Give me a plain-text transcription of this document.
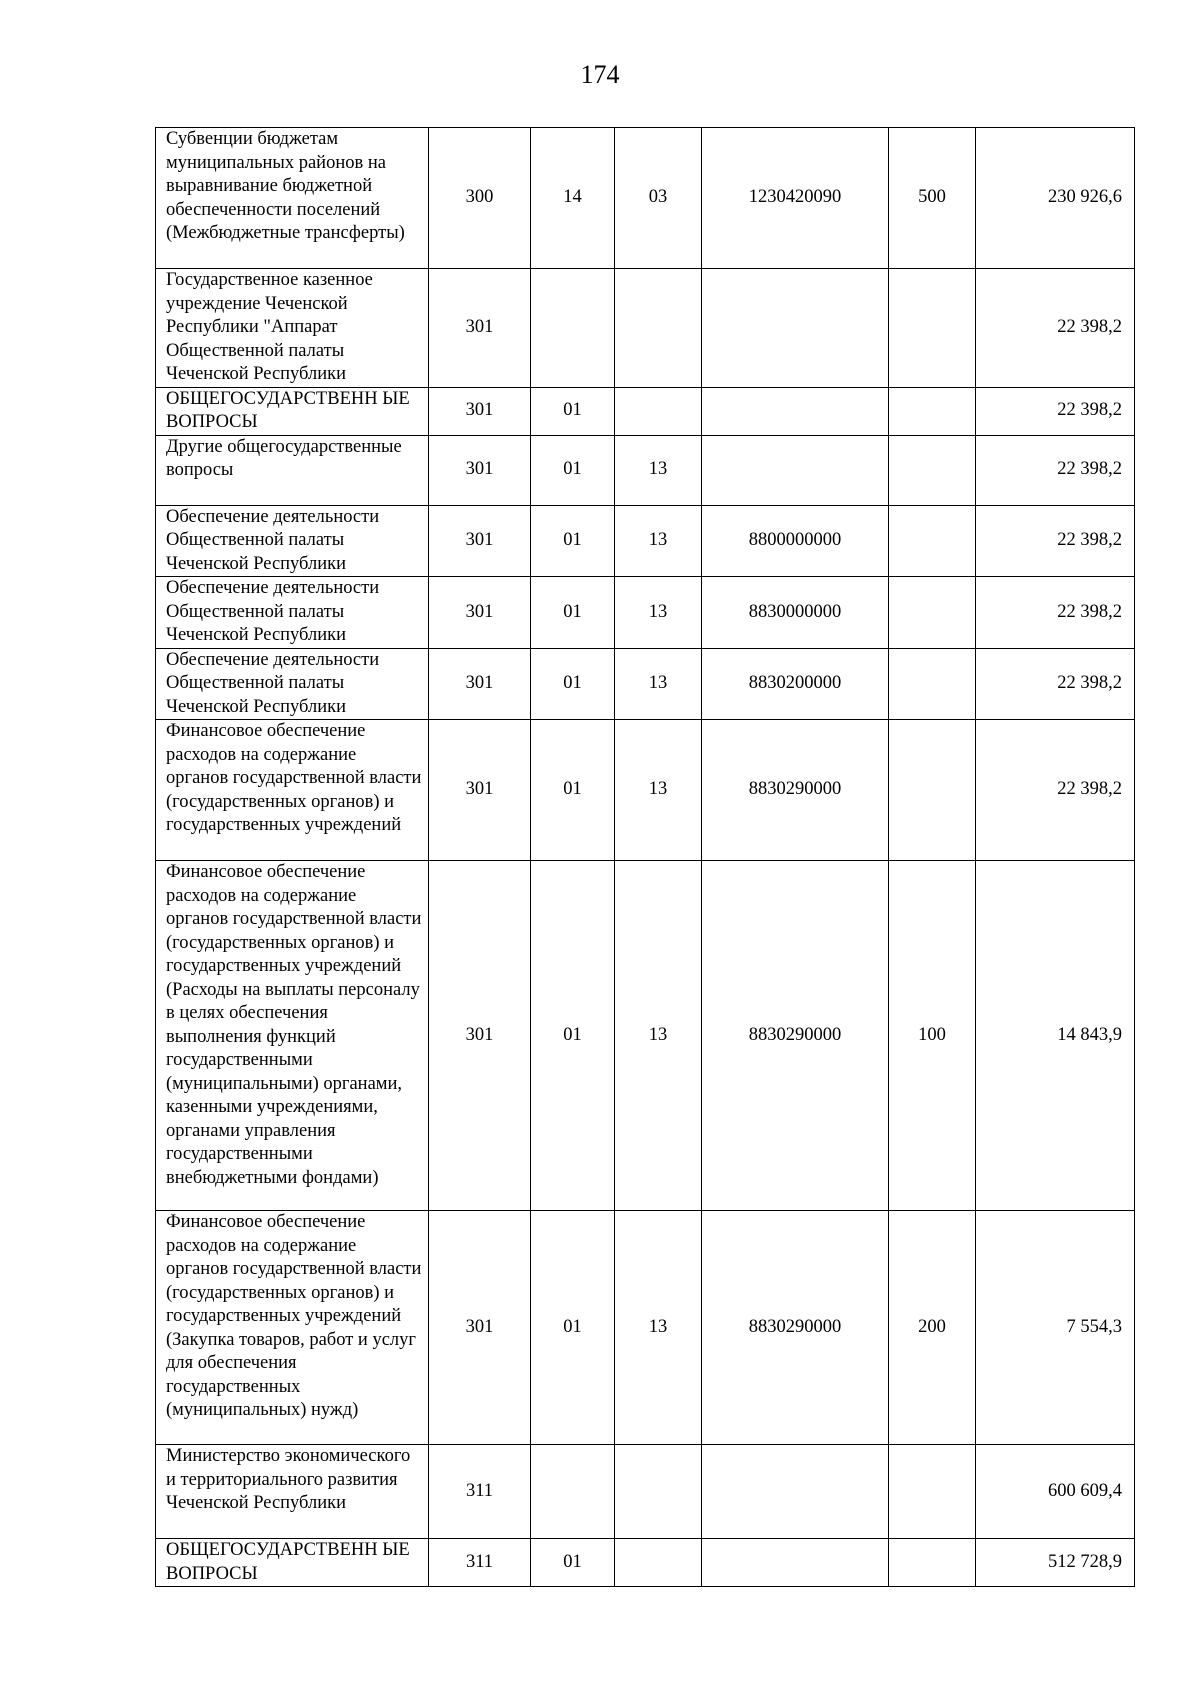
174
Субвенции бюджетам муниципальных районов на выравнивание бюджетной обеспеченности поселений (Межбюджетные трансферты)	300	14	03	1230420090	500	230 926,6
Государственное казенное учреждение Чеченской Республики "Аппарат Общественной палаты Чеченской Республики	301					22 398,2
ОБЩЕГОСУДАРСТВЕНН ЫЕ ВОПРОСЫ	301	01				22 398,2
Другие общегосударственные вопросы	301	01	13			22 398,2
Обеспечение деятельности Общественной палаты Чеченской Республики	301	01	13	8800000000		22 398,2
Обеспечение деятельности Общественной палаты Чеченской Республики	301	01	13	8830000000		22 398,2
Обеспечение деятельности Общественной палаты Чеченской Республики	301	01	13	8830200000		22 398,2
Финансовое обеспечение расходов на содержание органов государственной власти (государственных органов) и государственных учреждений	301	01	13	8830290000		22 398,2
Финансовое обеспечение расходов на содержание органов государственной власти (государственных органов) и государственных учреждений (Расходы на выплаты персоналу в целях обеспечения выполнения функций государственными (муниципальными) органами, казенными учреждениями, органами управления государственными внебюджетными фондами)	301	01	13	8830290000	100	14 843,9
Финансовое обеспечение расходов на содержание органов государственной власти (государственных органов) и государственных учреждений (Закупка товаров, работ и услуг для обеспечения государственных (муниципальных) нужд)	301	01	13	8830290000	200	7 554,3
Министерство экономического и территориального развития Чеченской Республики	311					600 609,4
ОБЩЕГОСУДАРСТВЕНН ЫЕ ВОПРОСЫ	311	01				512 728,9
